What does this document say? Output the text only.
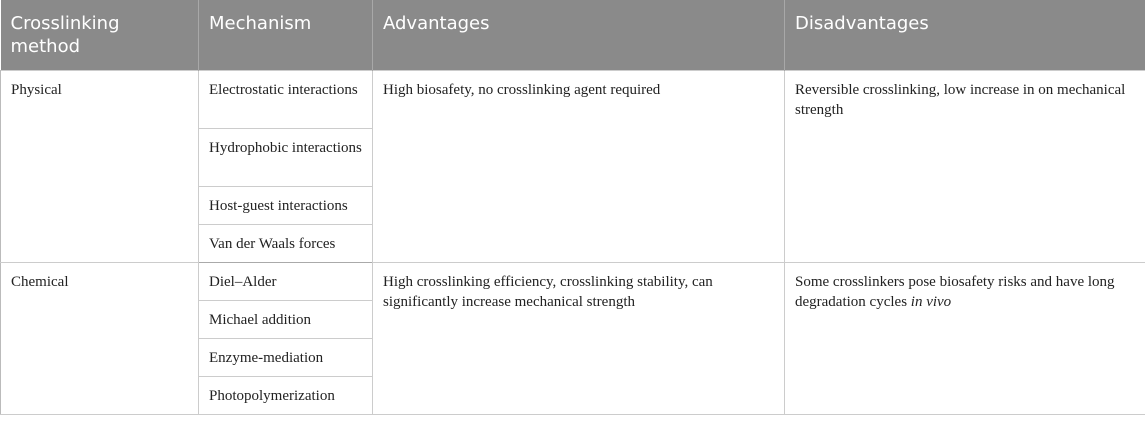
Crosslinking method	Mechanism	Advantages	Disadvantages
Physical	Electrostatic interactions	High biosafety, no crosslinking agent required	Reversible crosslinking, low increase in on mechanical strength
	Hydrophobic interactions		
	Host-guest interactions		
	Van der Waals forces		
Chemical	Diel–Alder	High crosslinking efficiency, crosslinking stability, can significantly increase mechanical strength	Some crosslinkers pose biosafety risks and have long degradation cycles in vivo
	Michael addition		
	Enzyme-mediation		
	Photopolymerization		
